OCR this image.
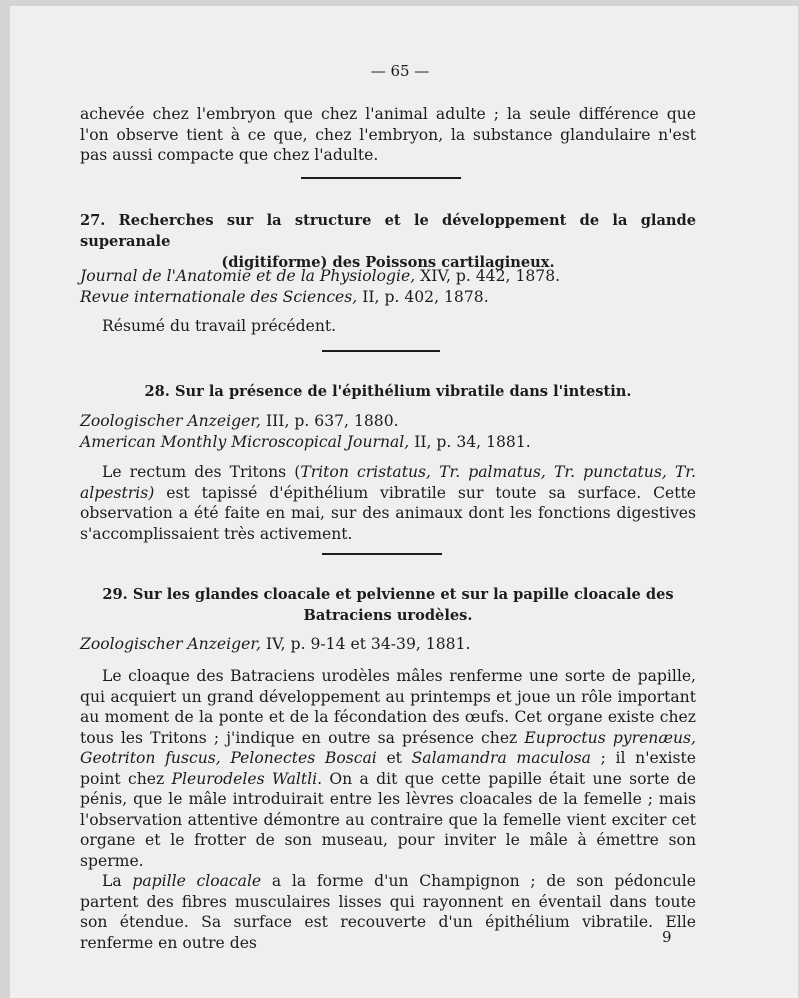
— 65 —

achevée chez l'embryon que chez l'animal adulte ; la seule différence que l'on observe tient à ce que, chez l'embryon, la substance glandulaire n'est pas aussi compacte que chez l'adulte.

27. Recherches sur la structure et le développement de la glande superanale
(digitiforme) des Poissons cartilagineux.
Journal de l'Anatomie et de la Physiologie, XIV, p. 442, 1878.
Revue internationale des Sciences, II, p. 402, 1878.

Résumé du travail précédent.

28. Sur la présence de l'épithélium vibratile dans l'intestin.
Zoologischer Anzeiger, III, p. 637, 1880.
American Monthly Microscopical Journal, II, p. 34, 1881.

Le rectum des Tritons (Triton cristatus, Tr. palmatus, Tr. punctatus, Tr. alpestris) est tapissé d'épithélium vibratile sur toute sa surface. Cette observation a été faite en mai, sur des animaux dont les fonctions digestives s'accomplissaient très activement.

29. Sur les glandes cloacale et pelvienne et sur la papille cloacale des
Batraciens urodèles.
Zoologischer Anzeiger, IV, p. 9-14 et 34-39, 1881.

Le cloaque des Batraciens urodèles mâles renferme une sorte de papille, qui acquiert un grand développement au printemps et joue un rôle important au moment de la ponte et de la fécondation des œufs. Cet organe existe chez tous les Tritons ; j'indique en outre sa présence chez Euproctus pyrenæus, Geotriton fuscus, Pelonectes Boscai et Salamandra maculosa ; il n'existe point chez Pleurodeles Waltli. On a dit que cette papille était une sorte de pénis, que le mâle introduirait entre les lèvres cloacales de la femelle ; mais l'observation attentive démontre au contraire que la femelle vient exciter cet organe et le frotter de son museau, pour inviter le mâle à émettre son sperme.

La papille cloacale a la forme d'un Champignon ; de son pédoncule partent des fibres musculaires lisses qui rayonnent en éventail dans toute son étendue. Sa surface est recouverte d'un épithélium vibratile. Elle renferme en outre des	9
